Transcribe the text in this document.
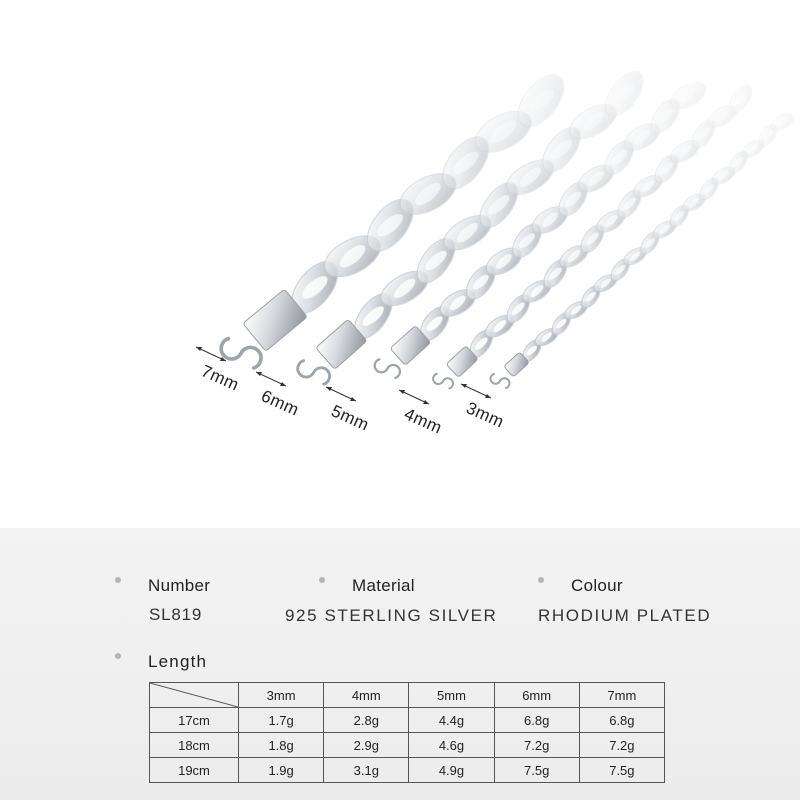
7mm
6mm 5mm 4mm 3mm
Number
SL819
Material
925 STERLING SILVER
Colour
RHODIUM PLATED
Length
	3mm	4mm	5mm	6mm	7mm
17cm	1.7g	2.8g	4.4g	6.8g	6.8g
18cm	1.8g	2.9g	4.6g	7.2g	7.2g
19cm	1.9g	3.1g	4.9g	7.5g	7.5g
